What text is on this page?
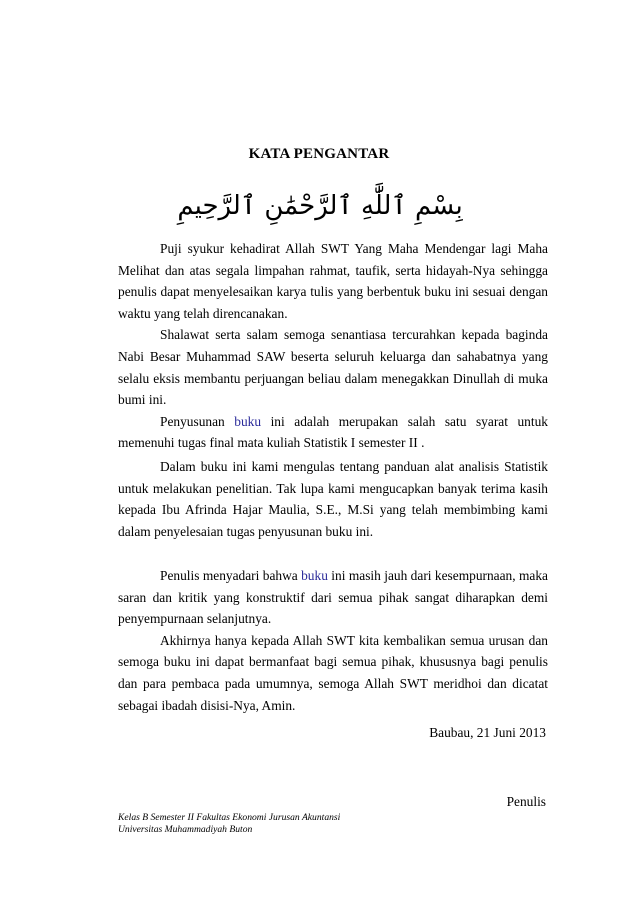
KATA PENGANTAR
بِسْمِ ٱللَّٰهِ ٱلرَّحْمَٰنِ ٱلرَّحِيمِ

Puji syukur kehadirat Allah SWT Yang Maha Mendengar lagi Maha Melihat dan atas segala limpahan rahmat, taufik, serta hidayah-Nya sehingga penulis dapat menyelesaikan karya tulis yang berbentuk buku ini sesuai dengan waktu yang telah direncanakan.

Shalawat serta salam semoga senantiasa tercurahkan kepada baginda Nabi Besar Muhammad SAW beserta seluruh keluarga dan sahabatnya yang selalu eksis membantu perjuangan beliau dalam menegakkan Dinullah di muka bumi ini.

Penyusunan buku ini adalah merupakan salah satu syarat untuk memenuhi tugas final mata kuliah Statistik I semester II .

Dalam buku ini kami mengulas tentang panduan alat analisis Statistik untuk melakukan penelitian. Tak lupa kami mengucapkan banyak terima kasih kepada Ibu Afrinda Hajar Maulia, S.E., M.Si yang telah membimbing kami dalam penyelesaian tugas penyusunan buku ini.

Penulis menyadari bahwa buku ini masih jauh dari kesempurnaan, maka saran dan kritik yang konstruktif dari semua pihak sangat diharapkan demi penyempurnaan selanjutnya.

Akhirnya hanya kepada Allah SWT kita kembalikan semua urusan dan semoga buku ini dapat bermanfaat bagi semua pihak, khususnya bagi penulis dan para pembaca pada umumnya, semoga Allah SWT meridhoi dan dicatat sebagai ibadah disisi-Nya, Amin.

Baubau, 21 Juni 2013
Penulis
Kelas B Semester II Fakultas Ekonomi Jurusan Akuntansi
Universitas Muhammadiyah Buton
